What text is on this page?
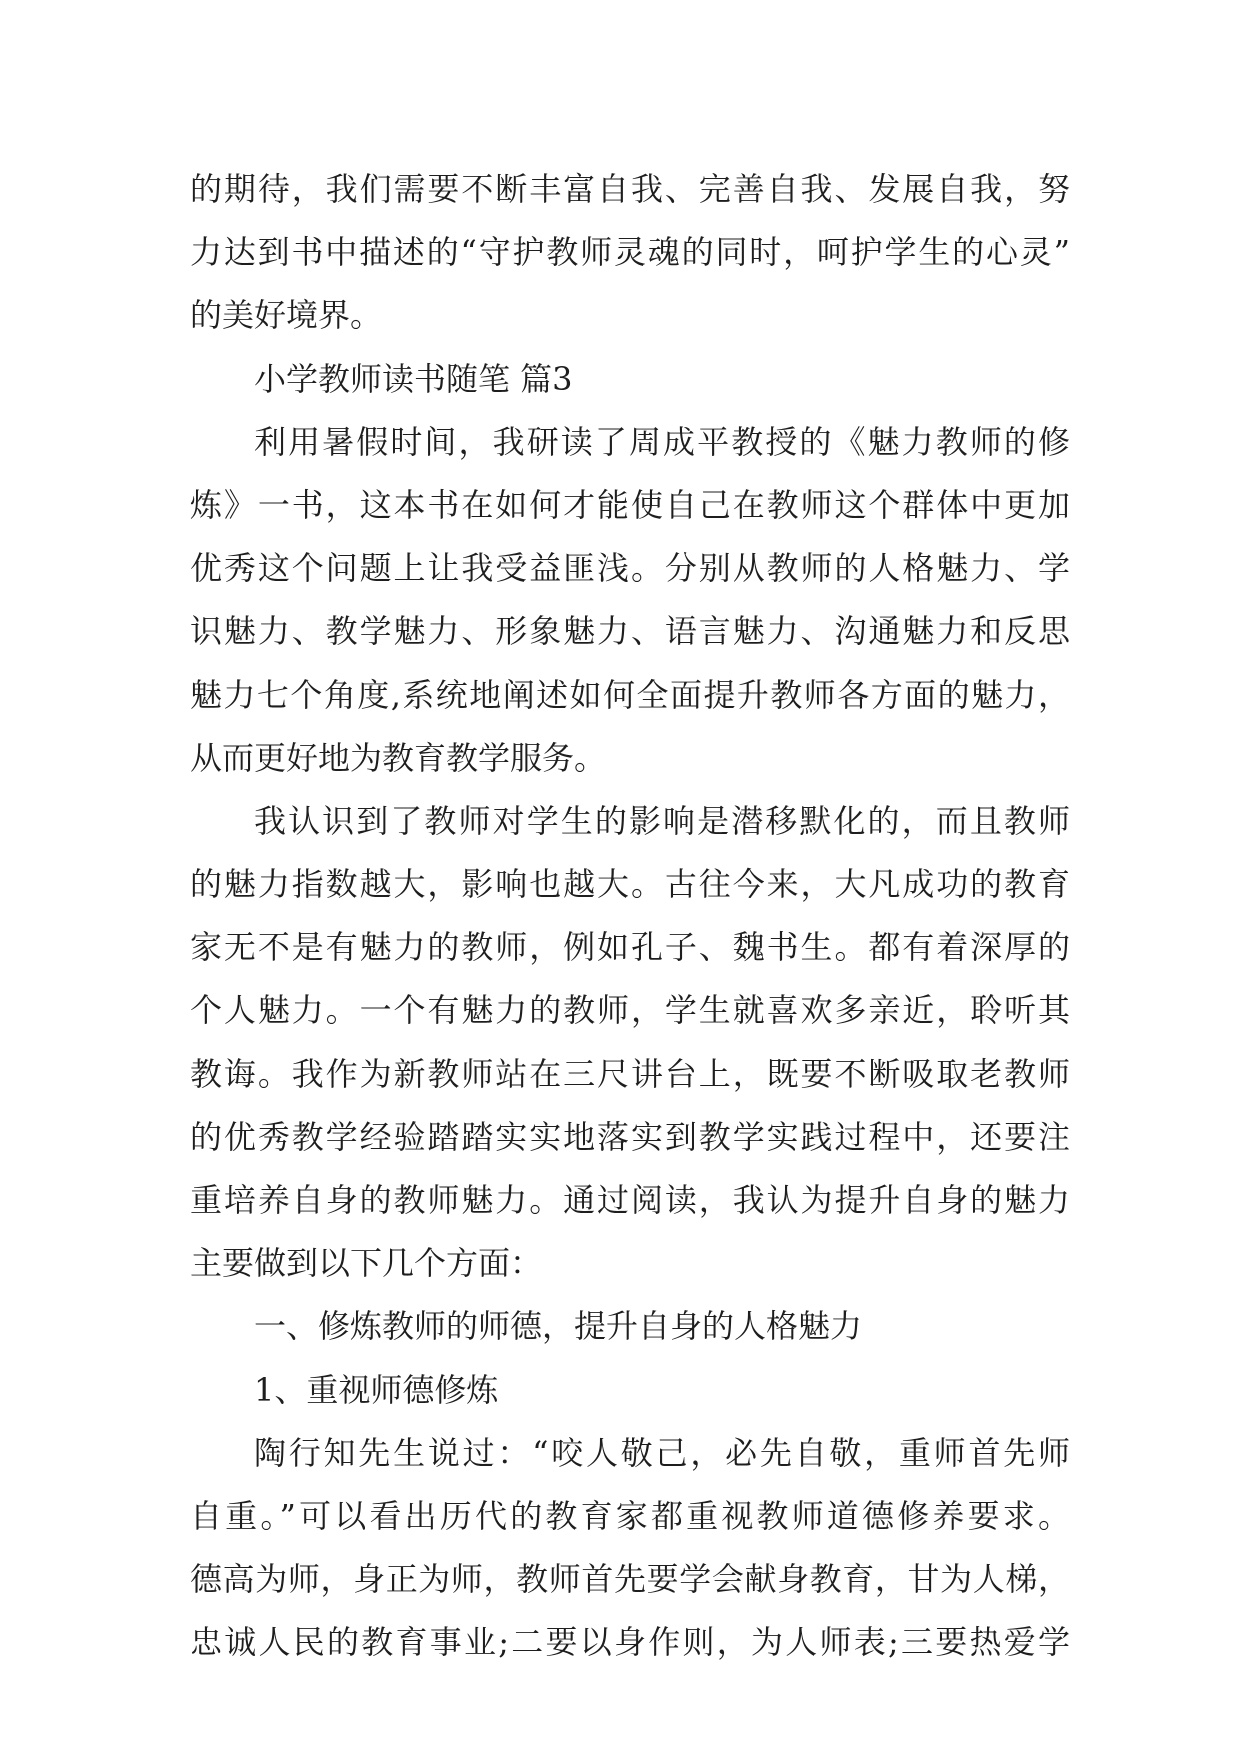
的期待，我们需要不断丰富自我、完善自我、发展自我，努
力达到书中描述的“守护教师灵魂的同时，呵护学生的心灵”
的美好境界。
小学教师读书随笔 篇3
利用暑假时间，我研读了周成平教授的《魅力教师的修
炼》一书，这本书在如何才能使自己在教师这个群体中更加
优秀这个问题上让我受益匪浅。分别从教师的人格魅力、学
识魅力、教学魅力、形象魅力、语言魅力、沟通魅力和反思
魅力七个角度,系统地阐述如何全面提升教师各方面的魅力，
从而更好地为教育教学服务。
我认识到了教师对学生的影响是潜移默化的，而且教师
的魅力指数越大，影响也越大。古往今来，大凡成功的教育
家无不是有魅力的教师，例如孔子、魏书生。都有着深厚的
个人魅力。一个有魅力的教师，学生就喜欢多亲近，聆听其
教诲。我作为新教师站在三尺讲台上，既要不断吸取老教师
的优秀教学经验踏踏实实地落实到教学实践过程中，还要注
重培养自身的教师魅力。通过阅读，我认为提升自身的魅力
主要做到以下几个方面：
一、修炼教师的师德，提升自身的人格魅力
1、重视师德修炼
陶行知先生说过：“咬人敬己，必先自敬，重师首先师
自重。”可以看出历代的教育家都重视教师道德修养要求。
德高为师，身正为师，教师首先要学会献身教育，甘为人梯，
忠诚人民的教育事业;二要以身作则，为人师表;三要热爱学
